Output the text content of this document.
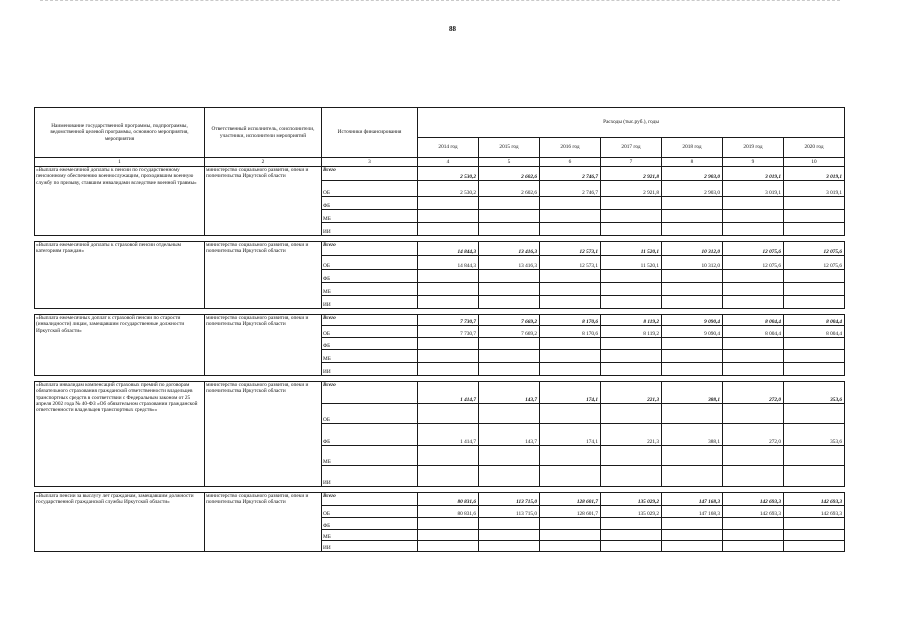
88
Наименование государственной программы, подпрограммы, ведомственной целевой программы, основного мероприятия, мероприятия	Ответственный исполнитель, соисполнители, участники, исполнители мероприятий	Источники финансирования	Расходы (тыс.руб.), годы						
			2014 год	2015 год	2016 год	2017 год	2018 год	2019 год	2020 год
1	2	3	4	5	6	7	8	9	10
«Выплата ежемесячной доплаты к пенсии по государственному пенсионному обеспечению военнослужащим, проходившим военную службу по призыву, ставшим инвалидами вследствие военной травмы»	министерство социального развития, опеки и попечительства Иркутской области	Всего	2 530,2	2 602,6	2 746,7	2 921,8	2 903,0	3 019,1	3 019,1
		ОБ	2 530,2	2 602,6	2 746,7	2 921,8	2 903,0	3 019,1	3 019,1
		ФБ							
		МБ							
		ИИ							

«Выплата ежемесячной доплаты к страховой пенсии отдельным категориям граждан»	министерство социального развития, опеки и попечительства Иркутской области	Всего	14 844,3	13 416,3	12 573,1	11 520,1	10 312,0	12 075,6	12 075,6
		ОБ	14 844,3	13 416,3	12 573,1	11 520,1	10 312,0	12 075,6	12 075,6
		ФБ							
		МБ							
		ИИ							

«Выплата ежемесячных доплат к страховой пенсии по старости (инвалидности) лицам, замещавшим государственные должности Иркутской области»	министерство социального развития, опеки и попечительства Иркутской области	Всего	7 730,7	7 669,2	8 170,6	8 119,2	9 090,4	8 004,4	8 004,4
		ОБ	7 730,7	7 669,2	8 170,6	8 119,2	9 090,4	8 004,4	8 004,4
		ФБ							
		МБ							
		ИИ							

«Выплата инвалидам компенсаций страховых премий по договорам обязательного страхования гражданской ответственности владельцев транспортных средств в соответствии с Федеральным законом от 25 апреля 2002 года № 40-ФЗ «Об обязательном страховании гражданской ответственности владельцев транспортных средств»»	министерство социального развития, опеки и попечительства Иркутской области	Всего	1 414,7	143,7	174,1	221,3	388,1	272,0	353,6
		ОБ							
		ФБ	1 414,7	143,7	174,1	221,3	388,1	272,0	353,6
		МБ							
		ИИ							

«Выплата пенсии за выслугу лет гражданам, замещавшим должности государственной гражданской службы Иркутской области»	министерство социального развития, опеки и попечительства Иркутской области	Всего	80 831,6	113 715,0	128 601,7	135 029,2	147 168,3	142 693,3	142 693,3
		ОБ	80 831,6	113 715,0	128 601,7	135 029,2	147 168,3	142 693,3	142 693,3
		ФБ							
		МБ							
		ИИ							
